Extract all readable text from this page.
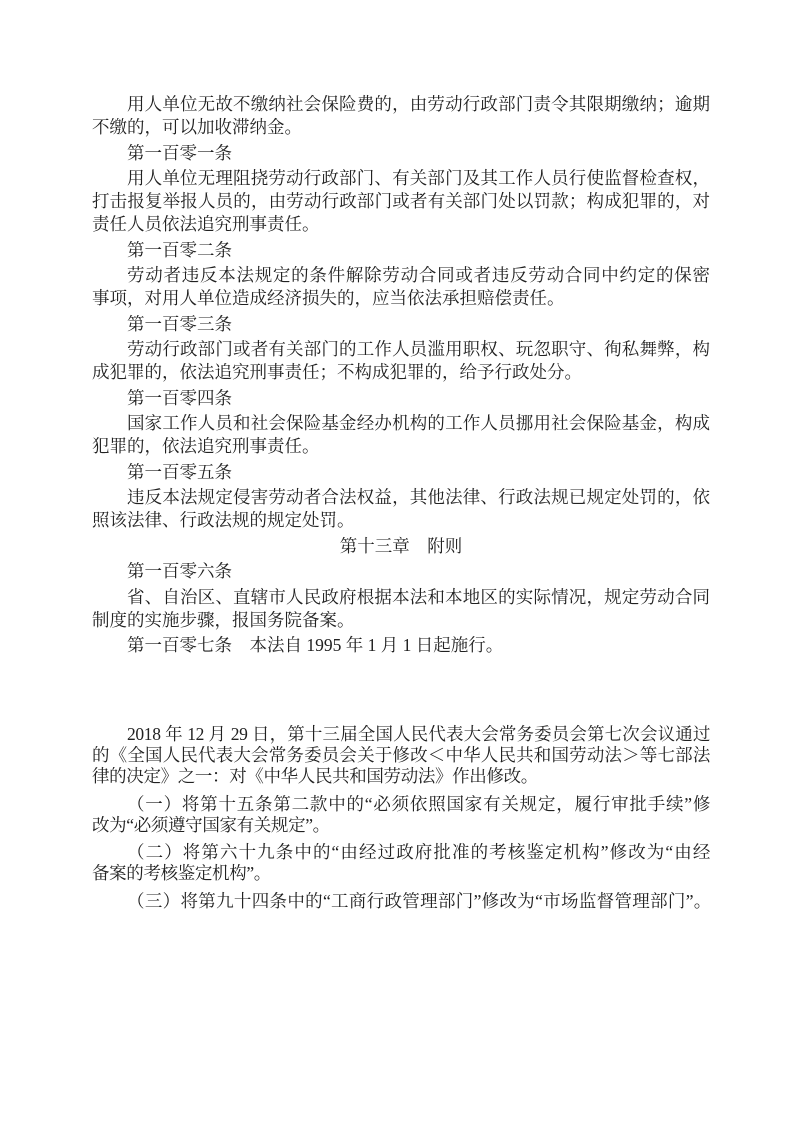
用人单位无故不缴纳社会保险费的，由劳动行政部门责令其限期缴纳；逾期
不缴的，可以加收滞纳金。
第一百零一条
用人单位无理阻挠劳动行政部门、有关部门及其工作人员行使监督检查权，
打击报复举报人员的，由劳动行政部门或者有关部门处以罚款；构成犯罪的，对
责任人员依法追究刑事责任。
第一百零二条
劳动者违反本法规定的条件解除劳动合同或者违反劳动合同中约定的保密
事项，对用人单位造成经济损失的，应当依法承担赔偿责任。
第一百零三条
劳动行政部门或者有关部门的工作人员滥用职权、玩忽职守、徇私舞弊，构
成犯罪的，依法追究刑事责任；不构成犯罪的，给予行政处分。
第一百零四条
国家工作人员和社会保险基金经办机构的工作人员挪用社会保险基金，构成
犯罪的，依法追究刑事责任。
第一百零五条
违反本法规定侵害劳动者合法权益，其他法律、行政法规已规定处罚的，依
照该法律、行政法规的规定处罚。
第十三章　附则
第一百零六条
省、自治区、直辖市人民政府根据本法和本地区的实际情况，规定劳动合同
制度的实施步骤，报国务院备案。
第一百零七条　本法自 1995 年 1 月 1 日起施行。
2018 年 12 月 29 日，第十三届全国人民代表大会常务委员会第七次会议通过
的《全国人民代表大会常务委员会关于修改＜中华人民共和国劳动法＞等七部法
律的决定》之一：对《中华人民共和国劳动法》作出修改。
（一）将第十五条第二款中的“必须依照国家有关规定，履行审批手续”修
改为“必须遵守国家有关规定”。
（二）将第六十九条中的“由经过政府批准的考核鉴定机构”修改为“由经
备案的考核鉴定机构”。
（三）将第九十四条中的“工商行政管理部门”修改为“市场监督管理部门”。
